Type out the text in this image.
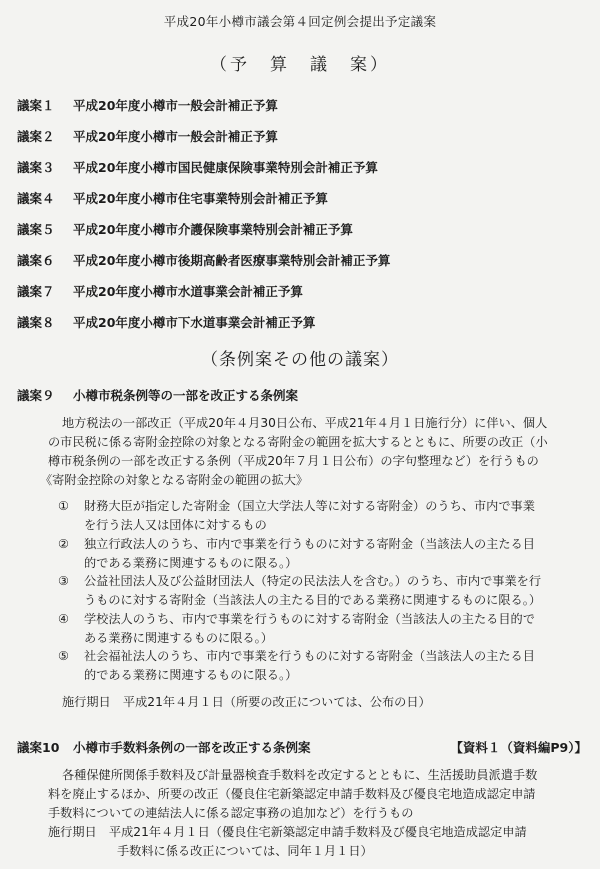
平成20年小樽市議会第４回定例会提出予定議案
（予　算　議　案）
議案１	平成20年度小樽市一般会計補正予算
議案２	平成20年度小樽市一般会計補正予算
議案３	平成20年度小樽市国民健康保険事業特別会計補正予算
議案４	平成20年度小樽市住宅事業特別会計補正予算
議案５	平成20年度小樽市介護保険事業特別会計補正予算
議案６	平成20年度小樽市後期高齢者医療事業特別会計補正予算
議案７	平成20年度小樽市水道事業会計補正予算
議案８	平成20年度小樽市下水道事業会計補正予算
（条例案その他の議案）
議案９	小樽市税条例等の一部を改正する条例案
地方税法の一部改正（平成20年４月30日公布、平成21年４月１日施行分）に伴い、個人
の市民税に係る寄附金控除の対象となる寄附金の範囲を拡大するとともに、所要の改正（小
樽市税条例の一部を改正する条例（平成20年７月１日公布）の字句整理など）を行うもの
《寄附金控除の対象となる寄附金の範囲の拡大》
① 財務大臣が指定した寄附金（国立大学法人等に対する寄附金）のうち、市内で事業
を行う法人又は団体に対するもの
② 独立行政法人のうち、市内で事業を行うものに対する寄附金（当該法人の主たる目
的である業務に関連するものに限る。）
③ 公益社団法人及び公益財団法人（特定の民法法人を含む。）のうち、市内で事業を行
うものに対する寄附金（当該法人の主たる目的である業務に関連するものに限る。）
④ 学校法人のうち、市内で事業を行うものに対する寄附金（当該法人の主たる目的で
ある業務に関連するものに限る。）
⑤ 社会福祉法人のうち、市内で事業を行うものに対する寄附金（当該法人の主たる目
的である業務に関連するものに限る。）
施行期日　平成21年４月１日（所要の改正については、公布の日）
議案10	小樽市手数料条例の一部を改正する条例案	【資料１（資料編P9）】
各種保健所関係手数料及び計量器検査手数料を改定するとともに、生活援助員派遣手数
料を廃止するほか、所要の改正（優良住宅新築認定申請手数料及び優良宅地造成認定申請
手数料についての連結法人に係る認定事務の追加など）を行うもの
施行期日　平成21年４月１日（優良住宅新築認定申請手数料及び優良宅地造成認定申請
手数料に係る改正については、同年１月１日）
